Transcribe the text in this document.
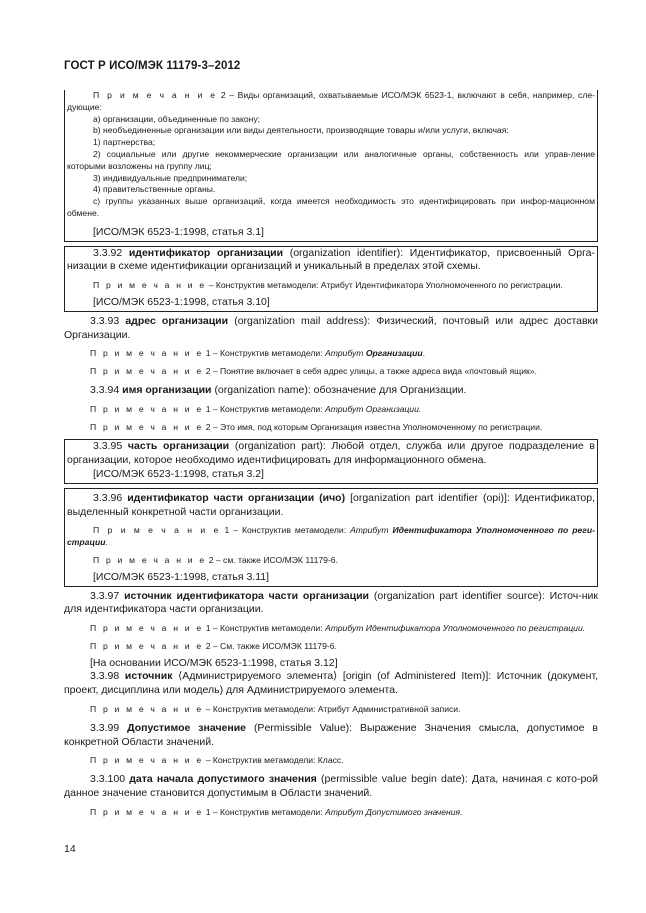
ГОСТ Р ИСО/МЭК 11179-3–2012

П р и м е ч а н и е 2 – Виды организаций, охватываемые ИСО/МЭК 6523-1, включают в себя, например, сле-дующие:

а) организации, объединенные по закону;

b) необъединенные организации или виды деятельности, производящие товары и/или услуги, включая:

1) партнерства;

2) социальные или другие некоммерческие организации или аналогичные органы, собственность или управ-ление которыми возложены на группу лиц;

3) индивидуальные предприниматели;

4) правительственные органы.

с) группы указанных выше организаций, когда имеется необходимость это идентифицировать при инфор-мационном обмене.

[ИСО/МЭК 6523-1:1998, статья 3.1]

3.3.92 идентификатор организации (organization identifier): Идентификатор, присвоенный Орга-низации в схеме идентификации организаций и уникальный в пределах этой схемы.

П р и м е ч а н и е – Конструктив метамодели: Атрибут Идентификатора Уполномоченного по регистрации.

[ИСО/МЭК 6523-1:1998, статья 3.10]

3.3.93 адрес организации (organization mail address): Физический, почтовый или адрес доставки Организации.

П р и м е ч а н и е 1 – Конструктив метамодели: Атрибут Организации.

П р и м е ч а н и е 2 – Понятие включает в себя адрес улицы, а также адреса вида «почтовый ящик».

3.3.94 имя организации (organization name): обозначение для Организации.

П р и м е ч а н и е 1 – Конструктив метамодели: Атрибут Организации.

П р и м е ч а н и е 2 – Это имя, под которым Организация известна Уполномоченному по регистрации.

3.3.95 часть организации (organization part): Любой отдел, служба или другое подразделение в организации, которое необходимо идентифицировать для информационного обмена.

[ИСО/МЭК 6523-1:1998, статья 3.2]

3.3.96 идентификатор части организации (ичо) [organization part identifier (opi)]: Идентификатор, выделенный конкретной части организации.

П р и м е ч а н и е 1 – Конструктив метамодели: Атрибут Идентификатора Уполномоченного по реги-страции.

П р и м е ч а н и е 2 – см. также ИСО/МЭК 11179-6.

[ИСО/МЭК 6523-1:1998, статья 3.11]

3.3.97 источник идентификатора части организации (organization part identifier source): Источ-ник для идентификатора части организации.

П р и м е ч а н и е 1 – Конструктив метамодели: Атрибут Идентификатора Уполномоченного по регистрации.

П р и м е ч а н и е 2 – См. также ИСО/МЭК 11179-6.

[На основании ИСО/МЭК 6523-1:1998, статья 3.12]

3.3.98 источник ⟨Администрируемого элемента⟩ [origin (of Administered Item)]: Источник (документ, проект, дисциплина или модель) для Администрируемого элемента.

П р и м е ч а н и е – Конструктив метамодели: Атрибут Административной записи.

3.3.99 Допустимое значение (Permissible Value): Выражение Значения смысла, допустимое в конкретной Области значений.

П р и м е ч а н и е – Конструктив метамодели: Класс.

3.3.100 дата начала допустимого значения (permissible value begin date): Дата, начиная с кото-рой данное значение становится допустимым в Области значений.

П р и м е ч а н и е 1 – Конструктив метамодели: Атрибут Допустимого значения.

14
